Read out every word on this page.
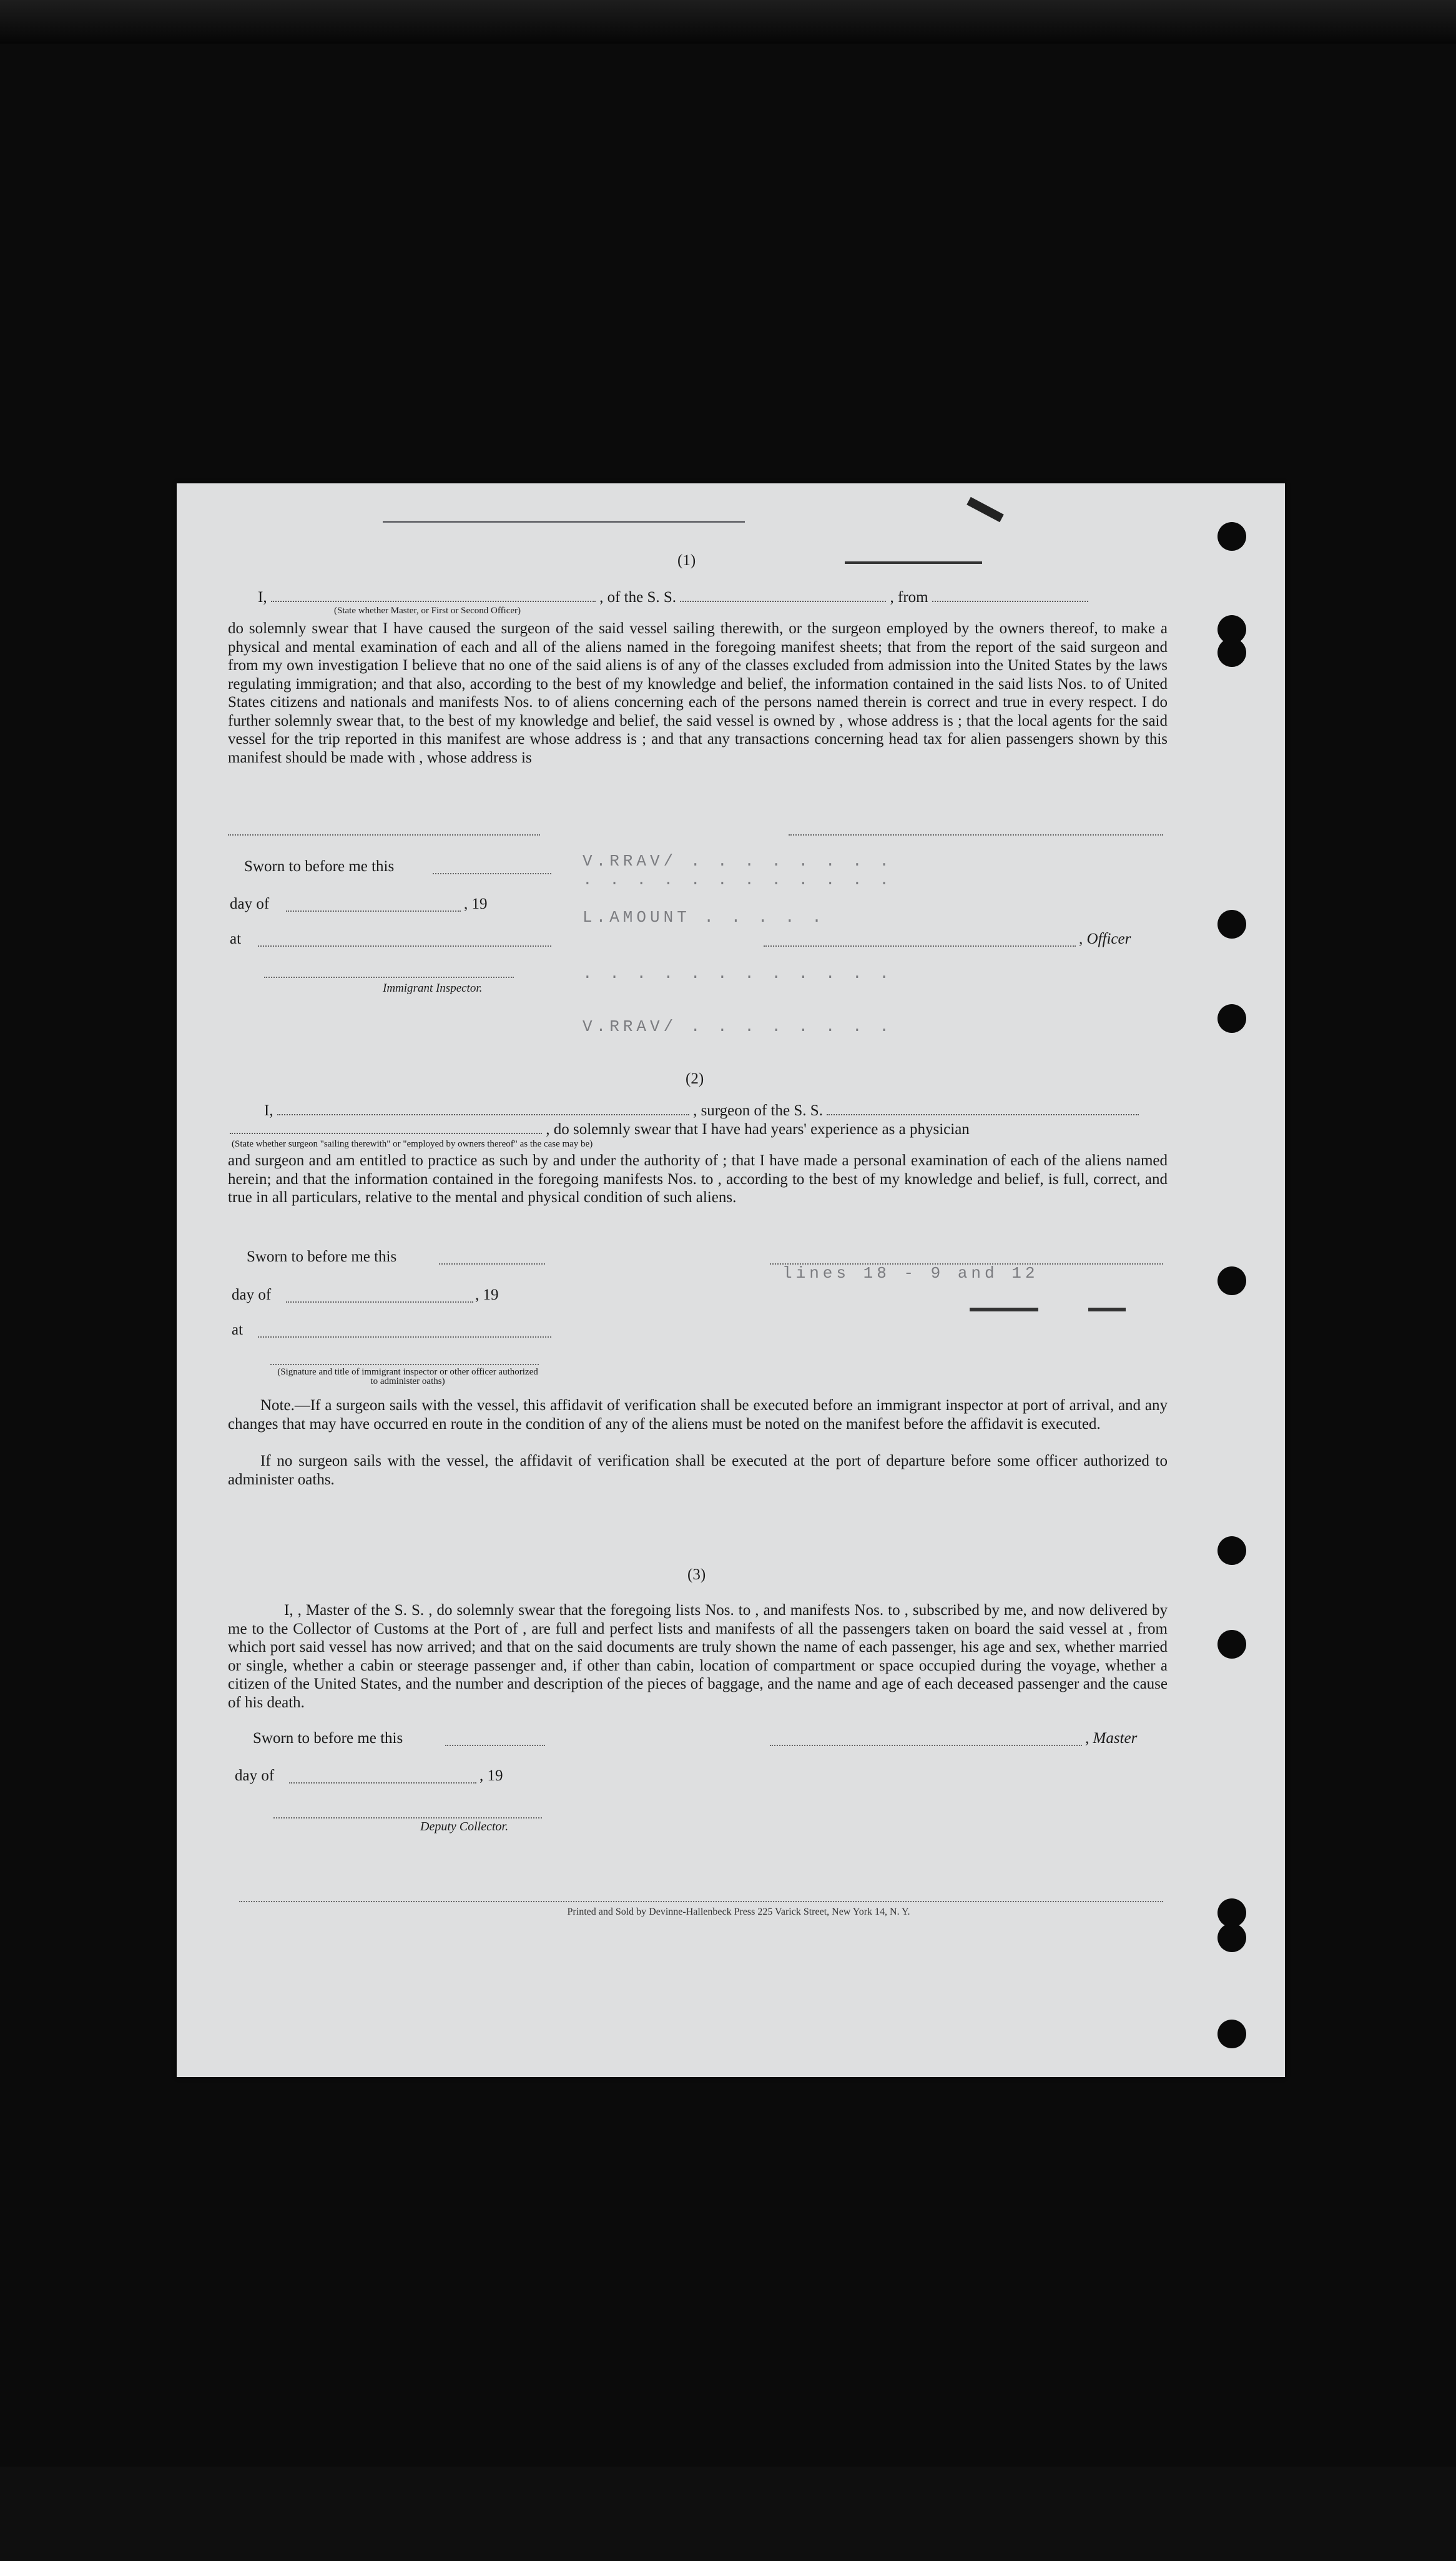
(1)
I,	, of the S. S.	, from
(State whether Master, or First or Second Officer)
do solemnly swear that I have caused the surgeon of the said vessel sailing therewith, or the surgeon employed by the owners thereof, to make a physical and mental examination of each and all of the aliens named in the foregoing manifest sheets; that from the report of the said surgeon and from my own investigation I believe that no one of the said aliens is of any of the classes excluded from admission into the United States by the laws regulating immigration; and that also, according to the best of my knowledge and belief, the information contained in the said lists Nos. to of United States citizens and nationals and manifests Nos. to of aliens concerning each of the persons named therein is correct and true in every respect. I do further solemnly swear that, to the best of my knowledge and belief, the said vessel is owned by , whose address is ; that the local agents for the said vessel for the trip reported in this manifest are whose address is ; and that any transactions concerning head tax for alien passengers shown by this manifest should be made with , whose address is
Sworn to before me this
day of	, 19
at	, Officer
Immigrant Inspector.
V.RRAV/ . . . . . . . .
. . . . . . . . . . . .
L.AMOUNT . . . . .
. . . . . . . . . . . .
V.RRAV/ . . . . . . . .
lines 18 - 9 and 12
(2)
I,	, surgeon of the S. S.
, do solemnly swear that I have had years' experience as a physician
(State whether surgeon "sailing therewith" or "employed by owners thereof" as the case may be)
and surgeon and am entitled to practice as such by and under the authority of ; that I have made a personal examination of each of the aliens named herein; and that the information contained in the foregoing manifests Nos. to , according to the best of my knowledge and belief, is full, correct, and true in all particulars, relative to the mental and physical condition of such aliens.
Sworn to before me this
day of	, 19
at
(Signature and title of immigrant inspector or other officer authorized to administer oaths)
Note.—If a surgeon sails with the vessel, this affidavit of verification shall be executed before an immigrant inspector at port of arrival, and any changes that may have occurred en route in the condition of any of the aliens must be noted on the manifest before the affidavit is executed.
If no surgeon sails with the vessel, the affidavit of verification shall be executed at the port of departure before some officer authorized to administer oaths.
(3)
I, , Master of the S. S. , do solemnly swear that the foregoing lists Nos. to , and manifests Nos. to , subscribed by me, and now delivered by me to the Collector of Customs at the Port of , are full and perfect lists and manifests of all the passengers taken on board the said vessel at , from which port said vessel has now arrived; and that on the said documents are truly shown the name of each passenger, his age and sex, whether married or single, whether a cabin or steerage passenger and, if other than cabin, location of compartment or space occupied during the voyage, whether a citizen of the United States, and the number and description of the pieces of baggage, and the name and age of each deceased passenger and the cause of his death.
Sworn to before me this	, Master
day of	, 19
Deputy Collector.
Printed and Sold by Devinne-Hallenbeck Press 225 Varick Street, New York 14, N. Y.
